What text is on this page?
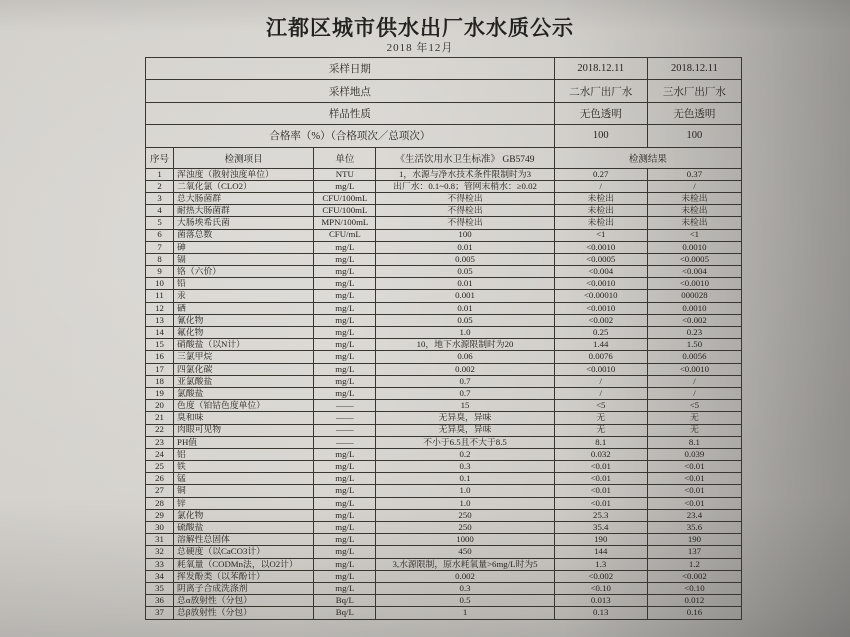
江都区城市供水出厂水水质公示
2018 年12月
采样日期				2018.12.11	2018.12.11
采样地点				二水厂出厂水	三水厂出厂水
样品性质				无色透明	无色透明
合格率（%）（合格项次／总项次）				100	100
序号	检测项目	单位	《生活饮用水卫生标准》 GB5749	检测结果	
1	浑浊度（散射浊度单位）	NTU	1，水源与净水技术条件限制时为3	0.27	0.37
2	二氧化氯（CLO2）	mg/L	出厂水：0.1~0.8；管网末梢水：≥0.02	/	/
3	总大肠菌群	CFU/100mL	不得检出	未检出	未检出
4	耐热大肠菌群	CFU/100mL	不得检出	未检出	未检出
5	大肠埃希氏菌	MPN/100mL	不得检出	未检出	未检出
6	菌落总数	CFU/mL	100	<1	<1
7	砷	mg/L	0.01	<0.0010	0.0010
8	镉	mg/L	0.005	<0.0005	<0.0005
9	铬（六价）	mg/L	0.05	<0.004	<0.004
10	铅	mg/L	0.01	<0.0010	<0.0010
11	汞	mg/L	0.001	<0.00010	000028
12	硒	mg/L	0.01	<0.0010	0.0010
13	氰化物	mg/L	0.05	<0.002	<0.002
14	氟化物	mg/L	1.0	0.25	0.23
15	硝酸盐（以N计）	mg/L	10，地下水源限制时为20	1.44	1.50
16	三氯甲烷	mg/L	0.06	0.0076	0.0056
17	四氯化碳	mg/L	0.002	<0.0010	<0.0010
18	亚氯酸盐	mg/L	0.7	/	/
19	氯酸盐	mg/L	0.7	/	/
20	色度（铂钴色度单位）	——	15	<5	<5
21	臭和味	——	无异臭，异味	无	无
22	肉眼可见物	——	无异臭，异味	无	无
23	PH值	——	不小于6.5且不大于8.5	8.1	8.1
24	铝	mg/L	0.2	0.032	0.039
25	铁	mg/L	0.3	<0.01	<0.01
26	锰	mg/L	0.1	<0.01	<0.01
27	铜	mg/L	1.0	<0.01	<0.01
28	锌	mg/L	1.0	<0.01	<0.01
29	氯化物	mg/L	250	25.3	23.4
30	硫酸盐	mg/L	250	35.4	35.6
31	溶解性总固体	mg/L	1000	190	190
32	总硬度（以CaCO3计）	mg/L	450	144	137
33	耗氧量（CODMn法，以O2计）	mg/L	3,水源限制，原水耗氧量>6mg/L时为5	1.3	1.2
34	挥发酚类（以苯酚计）	mg/L	0.002	<0.002	<0.002
35	阴离子合成洗涤剂	mg/L	0.3	<0.10	<0.10
36	总α放射性（分包）	Bq/L	0.5	0.013	0.012
37	总β放射性（分包）	Bq/L	1	0.13	0.16
